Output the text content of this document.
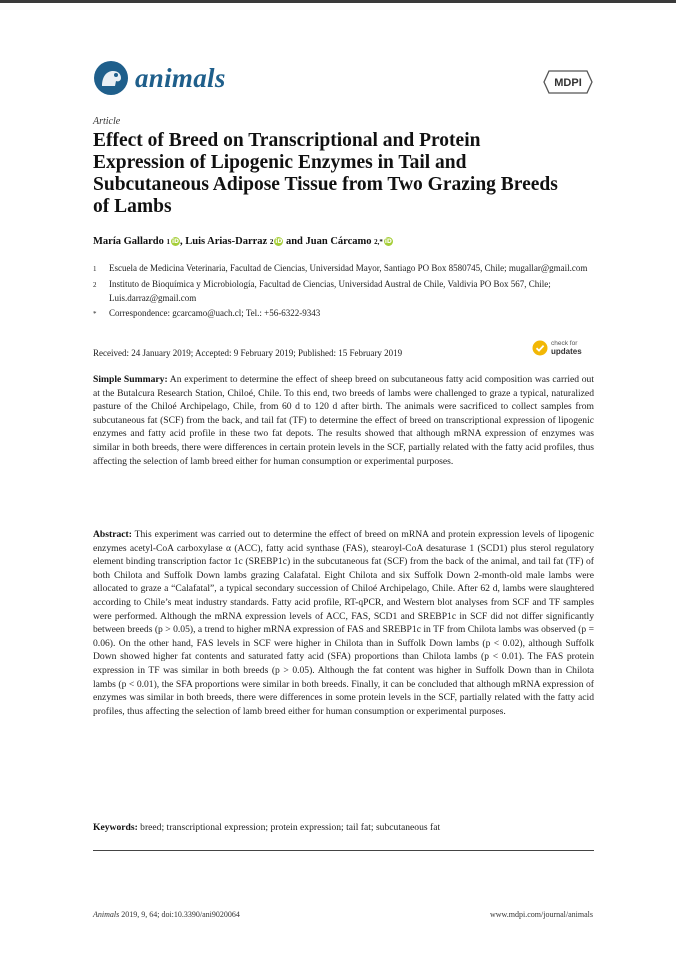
animals	MDPI
Article
Effect of Breed on Transcriptional and Protein Expression of Lipogenic Enzymes in Tail and Subcutaneous Adipose Tissue from Two Grazing Breeds of Lambs
María Gallardo
1 iD , Luis Arias-Darraz
2 iD and Juan Cárcamo
2,* iD
1	Escuela de Medicina Veterinaria, Facultad de Ciencias, Universidad Mayor, Santiago PO Box 8580745, Chile; mugallar@gmail.com
2	Instituto de Bioquímica y Microbiología, Facultad de Ciencias, Universidad Austral de Chile, Valdivia PO Box 567, Chile; Luis.darraz@gmail.com
*	Correspondence: gcarcamo@uach.cl; Tel.: +56-6322-9343
Received: 24 January 2019; Accepted: 9 February 2019; Published: 15 February 2019
check for
updates

Simple Summary: An experiment to determine the effect of sheep breed on subcutaneous fatty acid composition was carried out at the Butalcura Research Station, Chiloé, Chile. To this end, two breeds of lambs were challenged to graze a typical, naturalized pasture of the Chiloé Archipelago, Chile, from 60 d to 120 d after birth. The animals were sacrificed to collect samples from subcutaneous fat (SCF) from the back, and tail fat (TF) to determine the effect of breed on transcriptional expression of lipogenic enzymes and fatty acid profile in these two fat depots. The results showed that although mRNA expression of enzymes was similar in both breeds, there were differences in certain protein levels in the SCF, partially related with the fatty acid profiles, thus affecting the selection of lamb breed either for human consumption or experimental purposes.

Abstract: This experiment was carried out to determine the effect of breed on mRNA and protein expression levels of lipogenic enzymes acetyl-CoA carboxylase α (ACC), fatty acid synthase (FAS), stearoyl-CoA desaturase 1 (SCD1) plus sterol regulatory element binding transcription factor 1c (SREBP1c) in the subcutaneous fat (SCF) from the back of the animal, and tail fat (TF) of both Chilota and Suffolk Down lambs grazing Calafatal. Eight Chilota and six Suffolk Down 2-month-old male lambs were allocated to graze a “Calafatal”, a typical secondary succession of Chiloé Archipelago, Chile. After 62 d, lambs were slaughtered according to Chile’s meat industry standards. Fatty acid profile, RT-qPCR, and Western blot analyses from SCF and TF samples were performed. Although the mRNA expression levels of ACC, FAS, SCD1 and SREBP1c in SCF did not differ significantly between breeds (p > 0.05), a trend to higher mRNA expression of FAS and SREBP1c in TF from Chilota lambs was observed (p = 0.06). On the other hand, FAS levels in SCF were higher in Chilota than in Suffolk Down lambs (p < 0.02), although Suffolk Down showed higher fat contents and saturated fatty acid (SFA) proportions than Chilota lambs (p < 0.01). The FAS protein expression in TF was similar in both breeds (p > 0.05). Although the fat content was higher in Suffolk Down than in Chilota lambs (p < 0.01), the SFA proportions were similar in both breeds. Finally, it can be concluded that although mRNA expression of enzymes was similar in both breeds, there were differences in some protein levels in the SCF, partially related with the fatty acid profiles, thus affecting the selection of lamb breed either for human consumption or experimental purposes.

Keywords: breed; transcriptional expression; protein expression; tail fat; subcutaneous fat

Animals 2019, 9, 64; doi:10.3390/ani9020064	www.mdpi.com/journal/animals
